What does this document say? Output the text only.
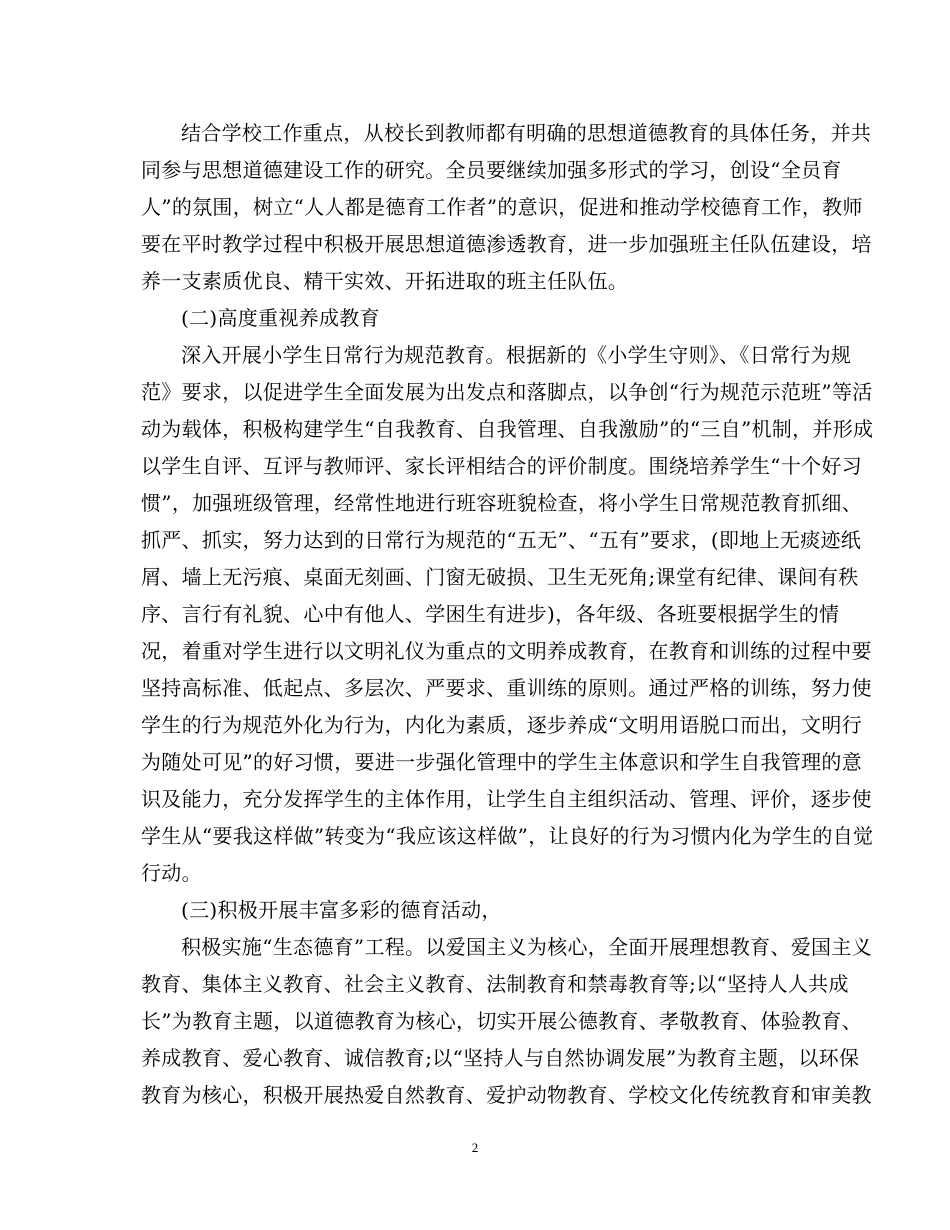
结合学校工作重点，从校长到教师都有明确的思想道德教育的具体任务，并共
同参与思想道德建设工作的研究。全员要继续加强多形式的学习，创设“全员育
人”的氛围，树立“人人都是德育工作者”的意识，促进和推动学校德育工作，教师
要在平时教学过程中积极开展思想道德渗透教育，进一步加强班主任队伍建设，培
养一支素质优良、精干实效、开拓进取的班主任队伍。
(二)高度重视养成教育
深入开展小学生日常行为规范教育。根据新的《小学生守则》、《日常行为规
范》要求，以促进学生全面发展为出发点和落脚点，以争创“行为规范示范班”等活
动为载体，积极构建学生“自我教育、自我管理、自我激励”的“三自”机制，并形成
以学生自评、互评与教师评、家长评相结合的评价制度。围绕培养学生“十个好习
惯”，加强班级管理，经常性地进行班容班貌检查，将小学生日常规范教育抓细、
抓严、抓实，努力达到的日常行为规范的“五无”、“五有”要求，(即地上无痰迹纸
屑、墙上无污痕、桌面无刻画、门窗无破损、卫生无死角;课堂有纪律、课间有秩
序、言行有礼貌、心中有他人、学困生有进步)，各年级、各班要根据学生的情
况，着重对学生进行以文明礼仪为重点的文明养成教育，在教育和训练的过程中要
坚持高标准、低起点、多层次、严要求、重训练的原则。通过严格的训练，努力使
学生的行为规范外化为行为，内化为素质，逐步养成“文明用语脱口而出，文明行
为随处可见”的好习惯，要进一步强化管理中的学生主体意识和学生自我管理的意
识及能力，充分发挥学生的主体作用，让学生自主组织活动、管理、评价，逐步使
学生从“要我这样做”转变为“我应该这样做”，让良好的行为习惯内化为学生的自觉
行动。
(三)积极开展丰富多彩的德育活动，
积极实施“生态德育”工程。以爱国主义为核心，全面开展理想教育、爱国主义
教育、集体主义教育、社会主义教育、法制教育和禁毒教育等;以“坚持人人共成
长”为教育主题，以道德教育为核心，切实开展公德教育、孝敬教育、体验教育、
养成教育、爱心教育、诚信教育;以“坚持人与自然协调发展”为教育主题，以环保
教育为核心，积极开展热爱自然教育、爱护动物教育、学校文化传统教育和审美教
2
